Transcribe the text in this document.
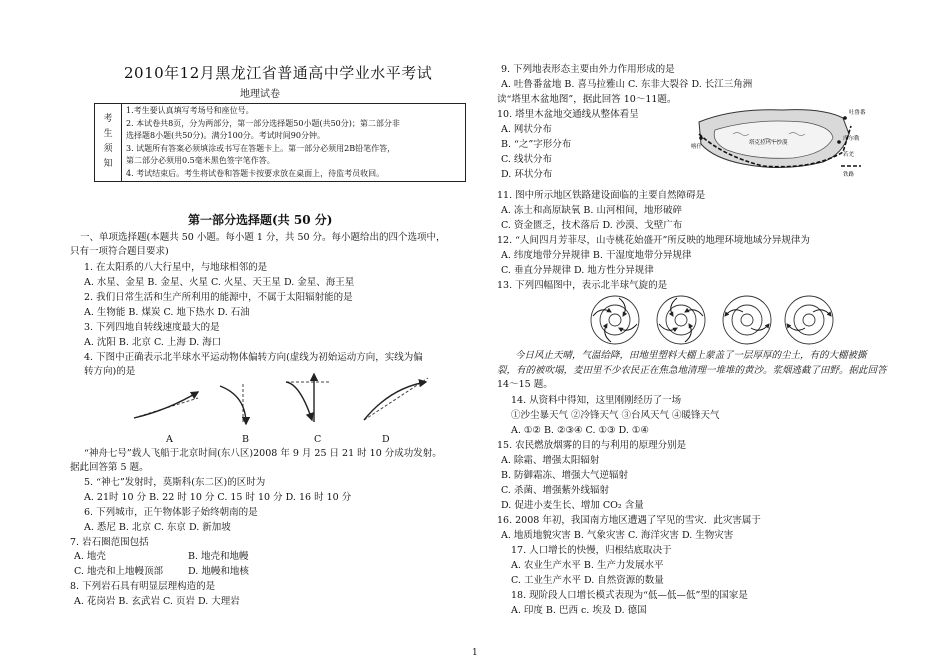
2010年12月黑龙江省普通高中学业水平考试
地理试卷
考
生
须
知

1.考生要认真填写考场号和座位号。
2. 本试卷共8页，分为两部分，第一部分选择题50小题(共50分)；第二部分非
选择题8小题(共50分)。满分100分。考试时间90分钟。
3. 试题所有答案必须填涂或书写在答题卡上。第一部分必须用2B铅笔作答，
第二部分必须用0.5毫米黑色签字笔作答。
4. 考试结束后。考生将试卷和答题卡按要求放在桌面上，待监考员收回。
第一部分选择题(共 50 分)
一、单项选择题(本题共 50 小题。每小题 1 分，共 50 分。每小题给出的四个选项中，
只有一项符合题目要求)
1. 在太阳系的八大行星中，与地球相邻的是
A. 水星、金星 B. 金星、火星 C. 火星、天王星 D. 金星、海王星
2. 我们日常生活和生产所利用的能源中，不属于太阳辐射能的是
A. 生物能 B. 煤炭 C. 地下热水 D. 石油
3. 下列四地自转线速度最大的是
A. 沈阳 B. 北京 C. 上海 D. 海口
4. 下图中正确表示北半球水平运动物体偏转方向(虚线为初始运动方向，实线为偏
转方向)的是
A	B	C	D
“神舟七号”载人飞船于北京时间(东八区)2008 年 9 月 25 日 21 时 10 分成功发射。
据此回答第 5 题。
5. “神七”发射时，莫斯科(东二区)的区时为
A. 21时 10 分 B. 22 时 10 分 C. 15 时 10 分 D. 16 时 10 分
6. 下列城市，正午物体影子始终朝南的是
A. 悉尼 B. 北京 C. 东京 D. 新加坡
7. 岩石圈范围包括
A. 地壳	B. 地壳和地幔
C. 地壳和上地幔顶部	D. 地幔和地核
8. 下列岩石具有明显层理构造的是
A. 花岗岩 B. 玄武岩 C. 页岩 D. 大理岩
9. 下列地表形态主要由外力作用形成的是
A. 吐鲁番盆地 B. 喜马拉雅山 C. 东非大裂谷 D. 长江三角洲
读“塔里木盆地图”，据此回答 10～11题。
10. 塔里木盆地交通线从整体看呈
A. 网状分布
B. “之”字形分布
C. 线状分布
D. 环状分布
喀什
吐鲁番
库尔勒
若羌
铁路
塔克拉玛干沙漠
11. 图中所示地区铁路建设面临的主要自然障碍是
A. 冻土和高原缺氧 B. 山河相间，地形破碎
C. 资金匮乏，技术落后 D. 沙漠、戈壁广布
12. “人间四月芳菲尽，山寺桃花始盛开”所反映的地理环境地域分异规律为
A. 纬度地带分异规律 B. 干湿度地带分异规律
C. 垂直分异规律 D. 地方性分异规律
13. 下列四幅图中，表示北半球气旋的是
今日风止天晴，气温给降，田地里塑料大棚上蒙盖了一层厚厚的尘土，有的大棚被撕
裂，有的被吹塌，麦田里不少农民正在焦急地清理一堆堆的黄沙。浆烟逃截了田野。据此回答
14～15 题。
14. 从资料中得知，这里刚刚经历了一场
①沙尘暴天气 ②冷锋天气 ③台风天气 ④暖锋天气
A. ①② B. ②③④ C. ①③ D. ①④
15. 农民燃放烟雾的目的与利用的原理分别是
A. 除霜、增强太阳辐射
B. 防御霜冻、增强大气逆辐射
C. 杀菌、增强紫外线辐射
D. 促进小麦生长、增加 CO₂ 含量
16. 2008 年初，我国南方地区遭遇了罕见的雪灾．此灾害属于
A. 地质地貌灾害 B. 气象灾害 C. 海洋灾害 D. 生物灾害
17. 人口增长的快慢，归根结底取决于
A. 农业生产水平 B. 生产力发展水平
C. 工业生产水平 D. 自然资源的数量
18. 现阶段人口增长模式表现为“低—低—低”型的国家是
A. 印度 B. 巴西 c. 埃及 D. 德国
1
